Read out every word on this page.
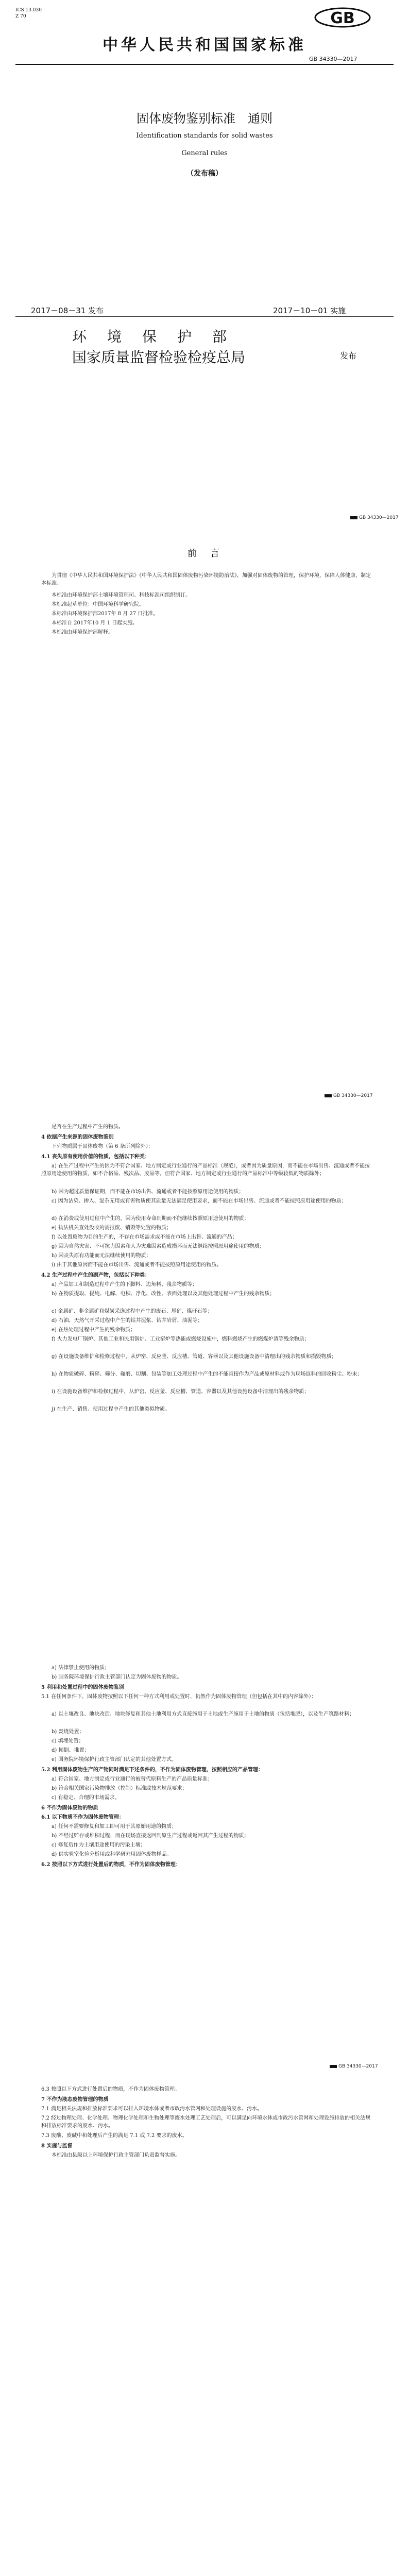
ICS 13.030
Z 70	GB
中华人民共和国国家标准
GB 34330—2017
固体废物鉴别标准　通则
Identification standards for solid wastes
General rules
（发布稿）
2017－08－31 发布	2017－10－01 实施
环　境　保　护　部
国家质量监督检验检疫总局	发布
GB 34330—2017
前　言
为贯彻《中华人民共和国环境保护法》《中华人民共和国固体废物污染环境防治法》，加强对固体废物的管理，保护环境，保障人体健康，制定本标准。
本标准由环境保护部土壤环境管理司、科技标准司组织制订。
本标准起草单位：中国环境科学研究院。
本标准由环境保护部2017年 8 月 27 日批准。
本标准自 2017年10 月 1 日起实施。
本标准由环境保护部解释。
GB 34330—2017
是否在生产过程中产生的物质。
4 依据产生来源的固体废物鉴别
下列物质属于固体废物（第 6 条所列除外）：
4.1 丧失原有使用价值的物质，包括以下种类：
a) 在生产过程中产生的因为不符合国家、地方制定或行业通行的产品标准（规范），或者因为质量原因，而不能在市场出售、流通或者不能按照原用途使用的物质，如不合格品、残次品、废品等。但符合国家、地方制定或行业通行的产品标准中等级较低的物质除外；
b) 因为超过质量保证期，而不能在市场出售、流通或者不能按照原用途使用的物质；
c) 因为沾染、掺入、混杂无用或有害物质使其质量无法满足使用要求，而不能在市场出售、流通或者不能按照原用途使用的物质；
d) 在消费或使用过程中产生的，因为使用寿命到期而不能继续按照原用途使用的物质；
e) 执法机关查处没收的需报废、销毁等处置的物质；
f) 以处置废物为目的生产的，不存在市场需求或不能在市场上出售、流通的产品；
g) 因为自然灾害、不可抗力因素和人为灾难因素造成损坏而无法继续按照原用途使用的物质；
h) 因丧失原有功能而无法继续使用的物质；
i) 由于其他原因而不能在市场出售、流通或者不能按照原用途使用的物质。
4.2 生产过程中产生的副产物，包括以下种类：
a) 产品加工和制造过程中产生的下脚料、边角料、残余物质等；
b) 在物质提取、提纯、电解、电积、净化、改性、表面处理以及其他处理过程中产生的残余物质；
c) 金属矿、非金属矿和煤炭采选过程中产生的废石、尾矿、煤矸石等；
d) 石油、天然气开采过程中产生的钻井泥浆、钻井岩屑、油泥等；
e) 在热处理过程中产生的残余物质；
f) 火力发电厂锅炉、其他工业和民用锅炉、工业窑炉等热能或燃烧设施中，燃料燃烧产生的燃煤炉渣等残余物质；
g) 在设施设备维护和检修过程中，从炉窑、反应釜、反应槽、管道、容器以及其他设施设备中清理出的残余物质和损毁物质；
h) 在物质破碎、粉碎、筛分、碾磨、切割、包装等加工处理过程中产生的不能直接作为产品或原材料或作为现场返料的回收粉尘、粉末；
i) 在设施设备维护和检修过程中，从炉窑、反应釜、反应槽、管道、容器以及其他设施设备中清理出的残余物质；
j) 在生产、销售、使用过程中产生的其他类似物质。
a) 法律禁止使用的物质；
b) 国务院环境保护行政主管部门认定为固体废物的物质。
5 利用和处置过程中的固体废物鉴别
5.1 在任何条件下，固体废物按照以下任何一种方式利用或处置时，仍然作为固体废物管理（但包括在其中的内容除外）：
a) 以土壤改良、地块改造、地块修复和其他土地利用方式直接施用于土地或生产施用于土地的物质（包括堆肥），以及生产筑路材料；
b) 焚烧处置；
c) 填埋处置；
d) 倾倒、堆置；
e) 国务院环境保护行政主管部门认定的其他处置方式。
5.2 利用固体废物生产的产物同时满足下述条件的，不作为固体废物管理，按照相应的产品管理：
a) 符合国家、地方制定或行业通行的被替代原料生产的产品质量标准；
b) 符合相关国家污染物排放（控制）标准或技术规范要求；
c) 有稳定、合理的市场需求。
6 不作为固体废物的物质
6.1 以下物质不作为固体废物管理：
a) 任何不需要修复和加工即可用于其原始用途的物质；
b) 不经过贮存或堆积过程，而在现场直接返回到原生产过程或返回其产生过程的物质；
c) 修复后作为土壤用途使用的污染土壤；
d) 供实验室化验分析用或科学研究用固体废物样品。
6.2 按照以下方式进行处置后的物质，不作为固体废物管理：
GB 34330—2017
6.3 按照以下方式进行处置后的物质，不作为固体废物管理。
7 不作为液态废物管理的物质
7.1 满足相关法规和排放标准要求可以排入环境水体或者市政污水管网和处理设施的废水、污水。
7.2 经过物理处理、化学处理、物理化学处理和生物处理等废水处理工艺处理后，可以满足向环境水体或市政污水管网和处理设施排放的相关法规和排放标准要求的废水、污水。
7.3 废酸、废碱中和处理后产生的满足 7.1 或 7.2 要求的废水。
8 实施与监督
本标准由县级以上环境保护行政主管部门负责监督实施。
